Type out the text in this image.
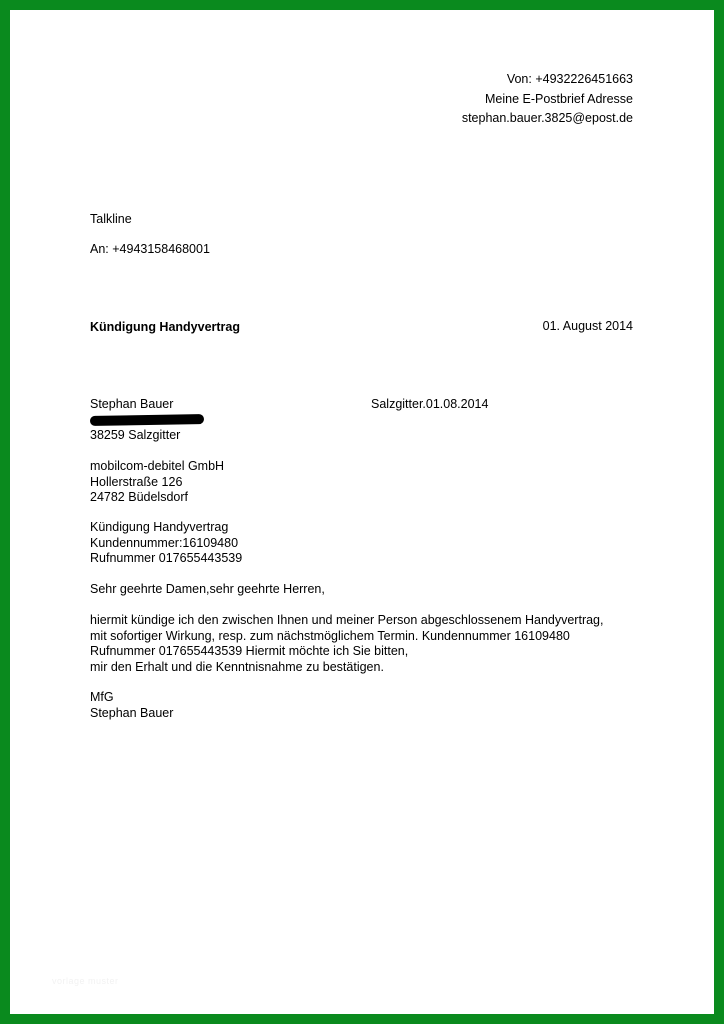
Von: +4932226451663
Meine E-Postbrief Adresse
stephan.bauer.3825@epost.de
Talkline
An: +4943158468001
Kündigung Handyvertrag	01. August 2014
Stephan Bauer	Salzgitter.01.08.2014
38259 Salzgitter
mobilcom-debitel GmbH
Hollerstraße 126
24782 Büdelsdorf
Kündigung Handyvertrag
Kundennummer:16109480
Rufnummer 017655443539
Sehr geehrte Damen,sehr geehrte Herren,
hiermit kündige ich den zwischen Ihnen und meiner Person abgeschlossenem Handyvertrag,
mit sofortiger Wirkung, resp. zum nächstmöglichem Termin. Kundennummer 16109480
Rufnummer 017655443539 Hiermit möchte ich Sie bitten,
mir den Erhalt und die Kenntnisnahme zu bestätigen.
MfG
Stephan Bauer
vorlage muster
